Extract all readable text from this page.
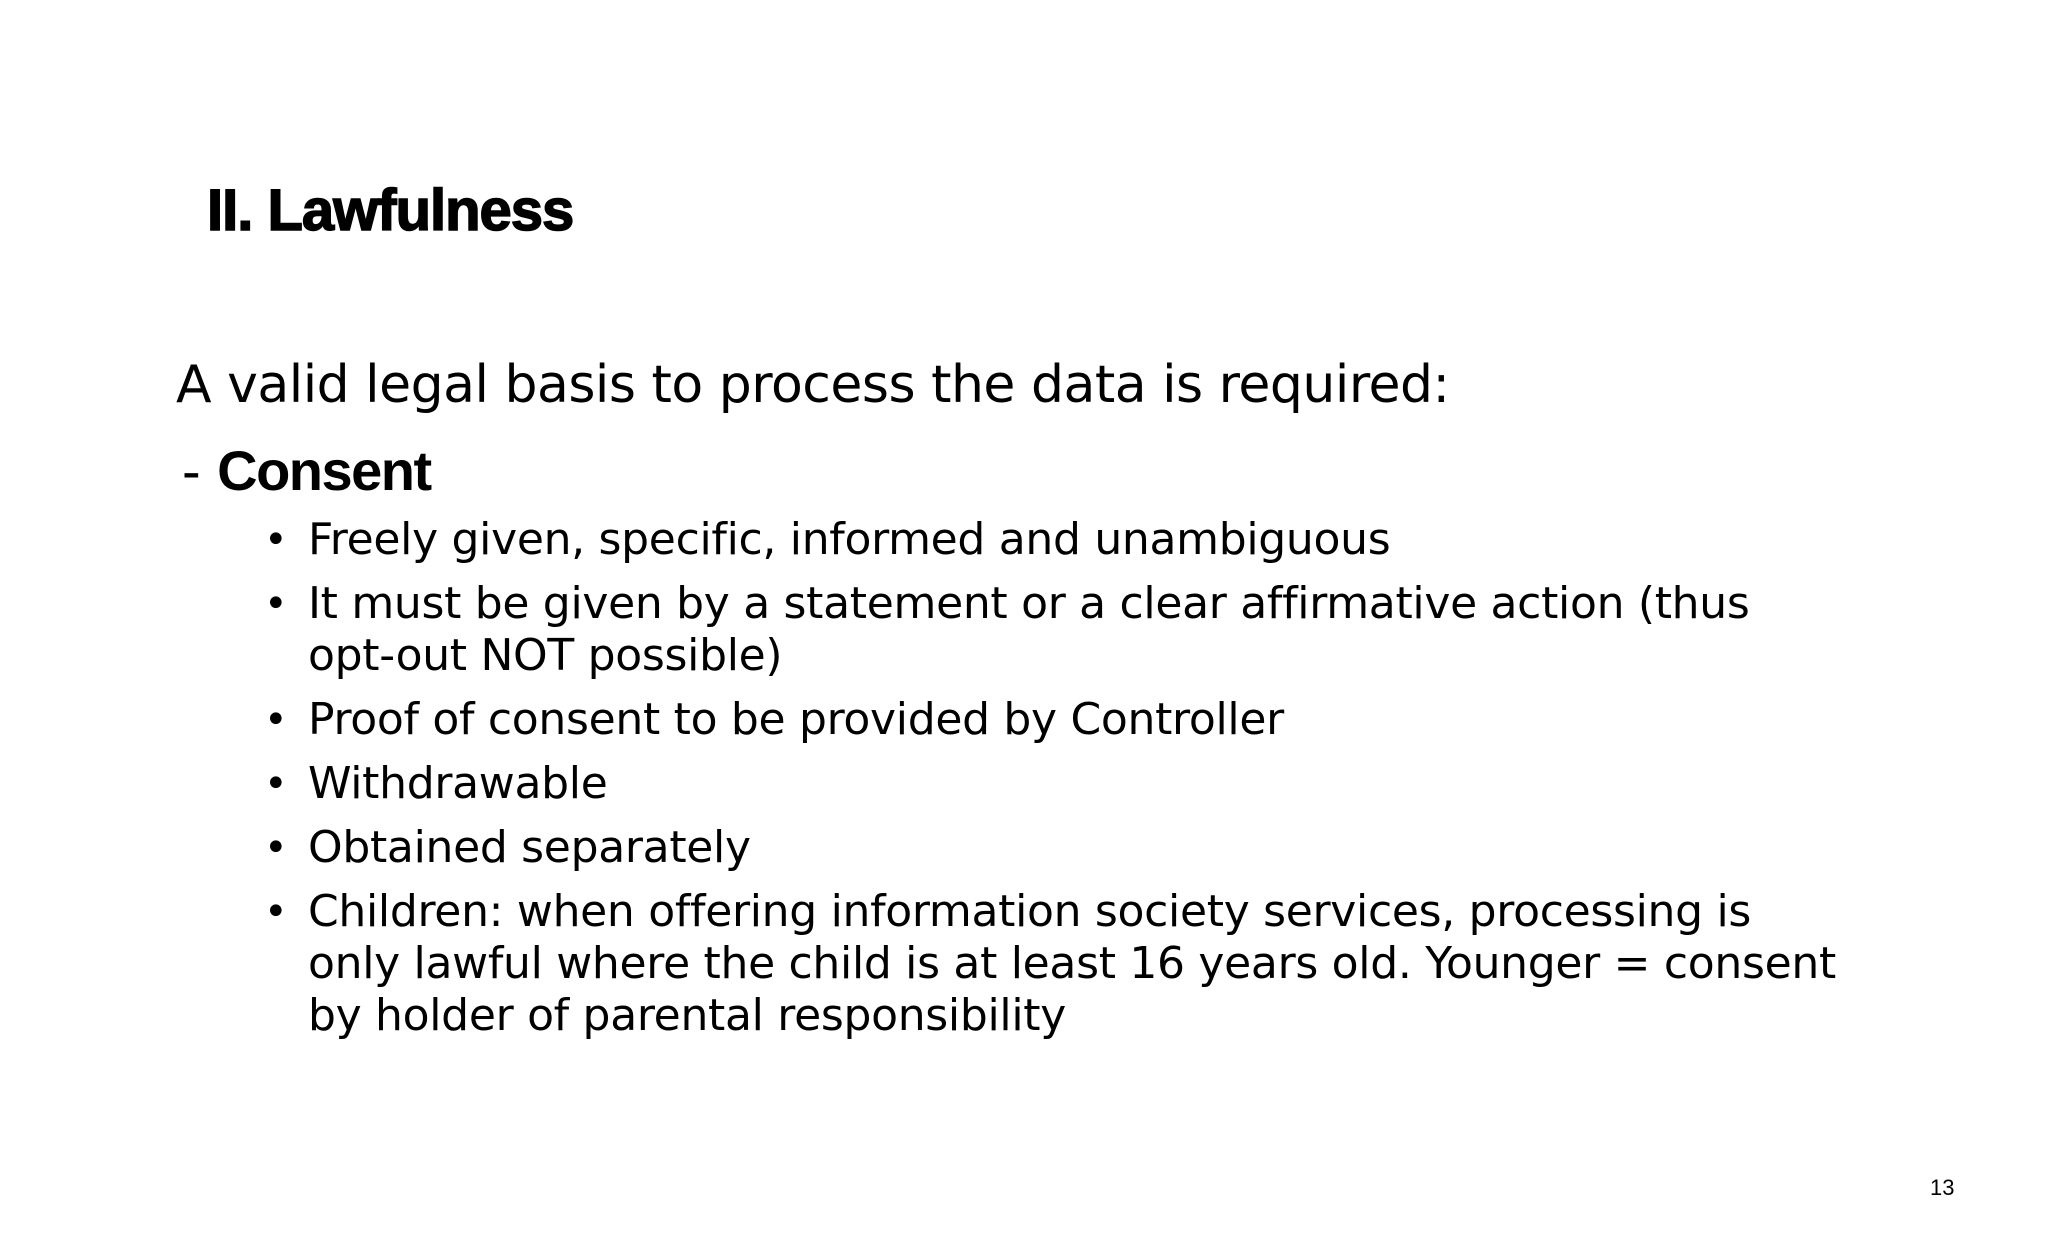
II. Lawfulness
A valid legal basis to process the data is required:
- Consent
• Freely given, specific, informed and unambiguous
• It must be given by a statement or a clear affirmative action (thus opt-out NOT possible)
• Proof of consent to be provided by Controller
• Withdrawable
• Obtained separately
• Children: when offering information society services, processing is only lawful where the child is at least 16 years old. Younger = consent by holder of parental responsibility
13
